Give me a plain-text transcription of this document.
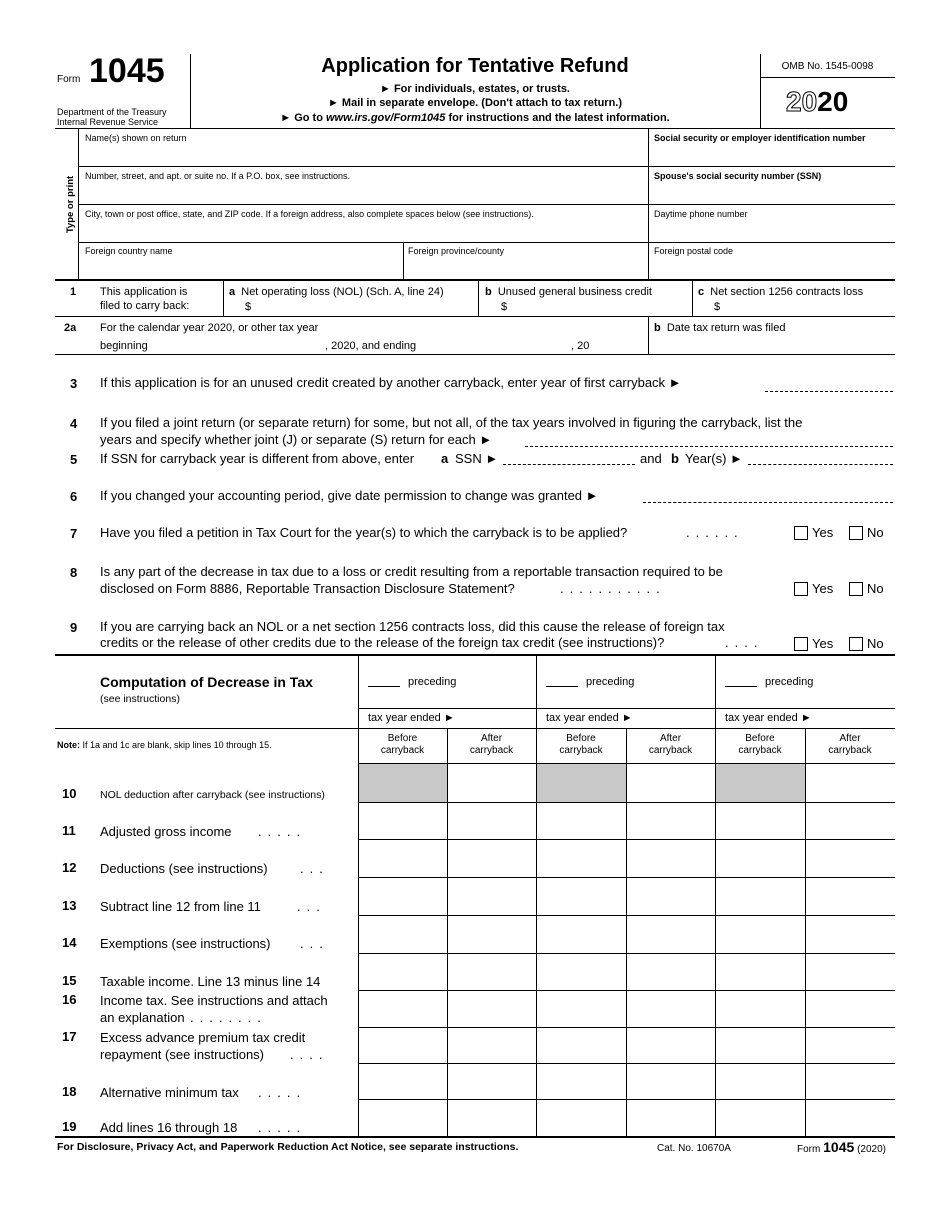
Form 1045
Department of the Treasury
Internal Revenue Service
Application for Tentative Refund
► For individuals, estates, or trusts.
► Mail in separate envelope. (Don't attach to tax return.)
► Go to www.irs.gov/Form1045 for instructions and the latest information.
OMB No. 1545-0098
2020
Type or print
Name(s) shown on return	Social security or employer identification number
Number, street, and apt. or suite no. If a P.O. box, see instructions.	Spouse's social security number (SSN)
City, town or post office, state, and ZIP code. If a foreign address, also complete spaces below (see instructions).	Daytime phone number
Foreign country name	Foreign province/county	Foreign postal code
1 This application is
filed to carry back:
a Net operating loss (NOL) (Sch. A, line 24)
$
b Unused general business credit
$
c Net section 1256 contracts loss
$
2a For the calendar year 2020, or other tax year
beginning	, 2020, and ending	, 20
b Date tax return was filed
3 If this application is for an unused credit created by another carryback, enter year of first carryback ►
4 If you filed a joint return (or separate return) for some, but not all, of the tax years involved in figuring the carryback, list the
years and specify whether joint (J) or separate (S) return for each ►
5 If SSN for carryback year is different from above, enter a SSN ►	and b Year(s) ►
6 If you changed your accounting period, give date permission to change was granted ►
7 Have you filed a petition in Tax Court for the year(s) to which the carryback is to be applied?	......	Yes	No
8 Is any part of the decrease in tax due to a loss or credit resulting from a reportable transaction required to be
disclosed on Form 8886, Reportable Transaction Disclosure Statement?	...........	Yes	No
9 If you are carrying back an NOL or a net section 1256 contracts loss, did this cause the release of foreign tax
credits or the release of other credits due to the release of the foreign tax credit (see instructions)?	....	Yes	No
Computation of Decrease in Tax
(see instructions)
Note: If 1a and 1c are blank, skip lines 10 through 15.
preceding
tax year ended ►
Before
carryback
After
carryback
preceding
tax year ended ►
Before
carryback
After
carryback
preceding
tax year ended ►
Before
carryback
After
carryback
10 NOL deduction after carryback (see instructions)
11 Adjusted gross income .....
12 Deductions (see instructions) ...
13 Subtract line 12 from line 11	...
14 Exemptions (see instructions) ...
15 Taxable income. Line 13 minus line 14
16 Income tax. See instructions and attach
an explanation ........
17 Excess advance premium tax credit
repayment (see instructions) ....
18 Alternative minimum tax .....
19 Add lines 16 through 18 .....
For Disclosure, Privacy Act, and Paperwork Reduction Act Notice, see separate instructions.	Cat. No. 10670A	Form 1045 (2020)
